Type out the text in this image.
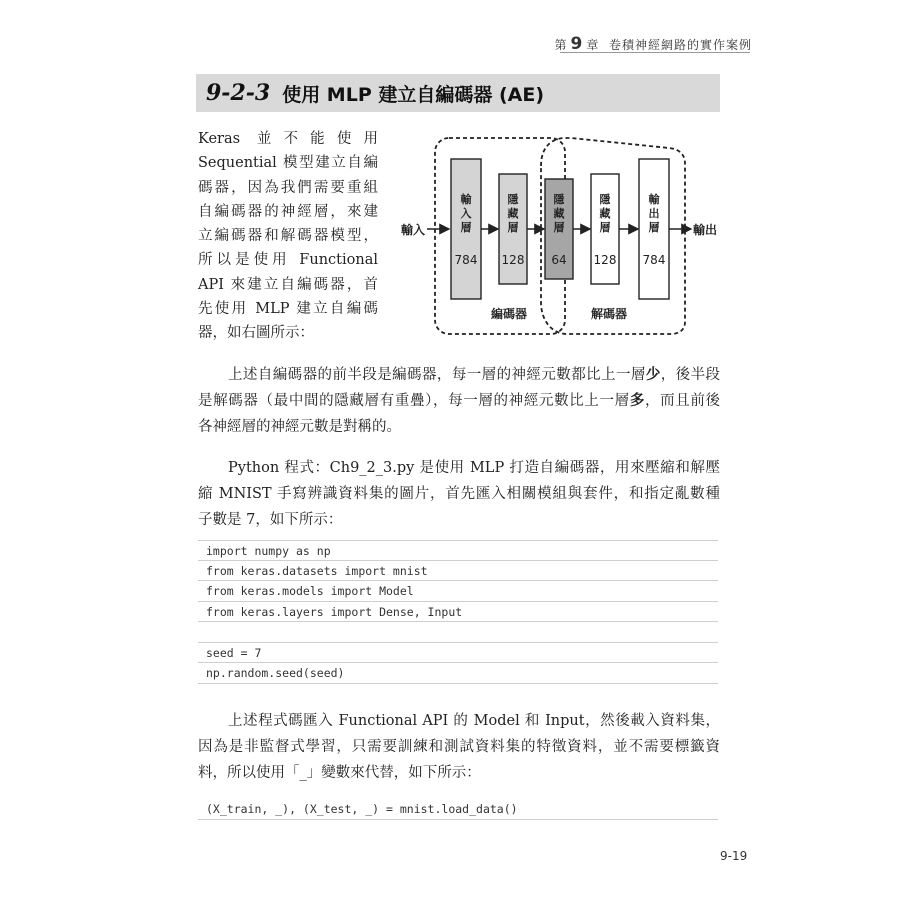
第 9 章 卷積神經網路的實作案例
9-2-3 使用 MLP 建立自編碼器 (AE)
Keras 並不能使用
Sequential 模型建立自編
碼器，因為我們需要重組
自編碼器的神經層，來建
立編碼器和解碼器模型，
所以是使用 Functional
API 來建立自編碼器，首
先使用 MLP 建立自編碼
器，如右圖所示：
輸入	輸出
輸
入
層
784
隱
藏
層
128
隱
藏
層
64
隱
藏
層
128
輸
出
層
784
編碼器	解碼器
上述自編碼器的前半段是編碼器，每一層的神經元數都比上一層少，後半段
是解碼器（最中間的隱藏層有重疊），每一層的神經元數比上一層多，而且前後
各神經層的神經元數是對稱的。
Python 程式：Ch9_2_3.py 是使用 MLP 打造自編碼器，用來壓縮和解壓
縮 MNIST 手寫辨識資料集的圖片，首先匯入相關模組與套件，和指定亂數種
子數是 7，如下所示：
import numpy as np
from keras.datasets import mnist
from keras.models import Model
from keras.layers import Dense, Input
seed = 7
np.random.seed(seed)
上述程式碼匯入 Functional API 的 Model 和 Input，然後載入資料集，
因為是非監督式學習，只需要訓練和測試資料集的特徵資料，並不需要標籤資
料，所以使用「_」變數來代替，如下所示：
(X_train, _), (X_test, _) = mnist.load_data()
9-19
